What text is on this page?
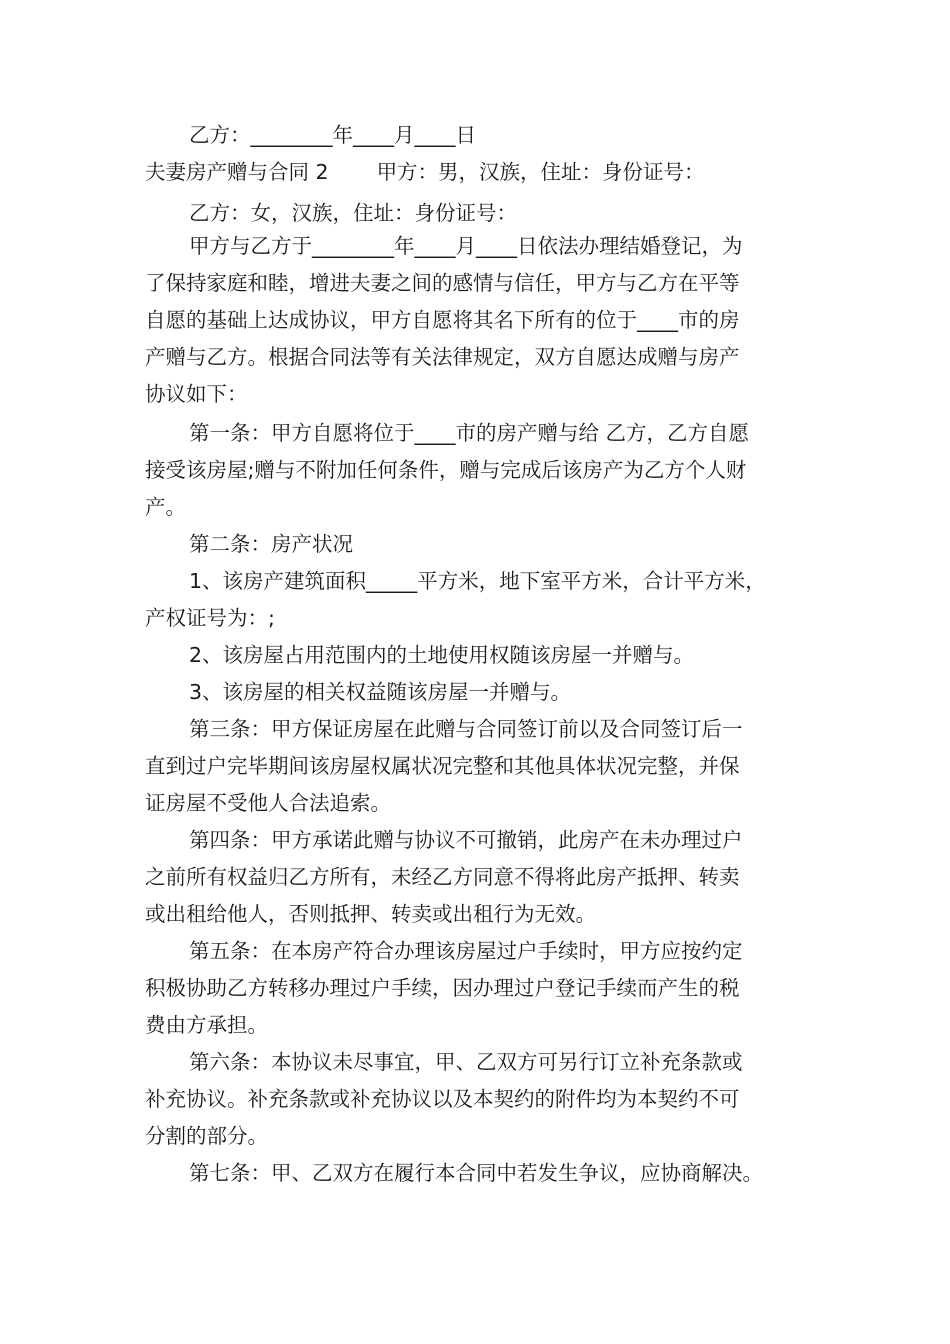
乙方：________年____月____日
夫妻房产赠与合同 2 甲方：男，汉族，住址：身份证号：
乙方：女，汉族，住址：身份证号：
甲方与乙方于________年____月____日依法办理结婚登记，为
了保持家庭和睦，增进夫妻之间的感情与信任，甲方与乙方在平等
自愿的基础上达成协议，甲方自愿将其名下所有的位于____市的房
产赠与乙方。根据合同法等有关法律规定，双方自愿达成赠与房产
协议如下：
第一条：甲方自愿将位于____市的房产赠与给 乙方，乙方自愿
接受该房屋;赠与不附加任何条件，赠与完成后该房产为乙方个人财
产。
第二条：房产状况
1、该房产建筑面积_____平方米，地下室平方米，合计平方米，
产权证号为：;
2、该房屋占用范围内的土地使用权随该房屋一并赠与。
3、该房屋的相关权益随该房屋一并赠与。
第三条：甲方保证房屋在此赠与合同签订前以及合同签订后一
直到过户完毕期间该房屋权属状况完整和其他具体状况完整，并保
证房屋不受他人合法追索。
第四条：甲方承诺此赠与协议不可撤销，此房产在未办理过户
之前所有权益归乙方所有，未经乙方同意不得将此房产抵押、转卖
或出租给他人，否则抵押、转卖或出租行为无效。
第五条：在本房产符合办理该房屋过户手续时，甲方应按约定
积极协助乙方转移办理过户手续，因办理过户登记手续而产生的税
费由方承担。
第六条：本协议未尽事宜，甲、乙双方可另行订立补充条款或
补充协议。补充条款或补充协议以及本契约的附件均为本契约不可
分割的部分。
第七条：甲、乙双方在履行本合同中若发生争议，应协商解决。
